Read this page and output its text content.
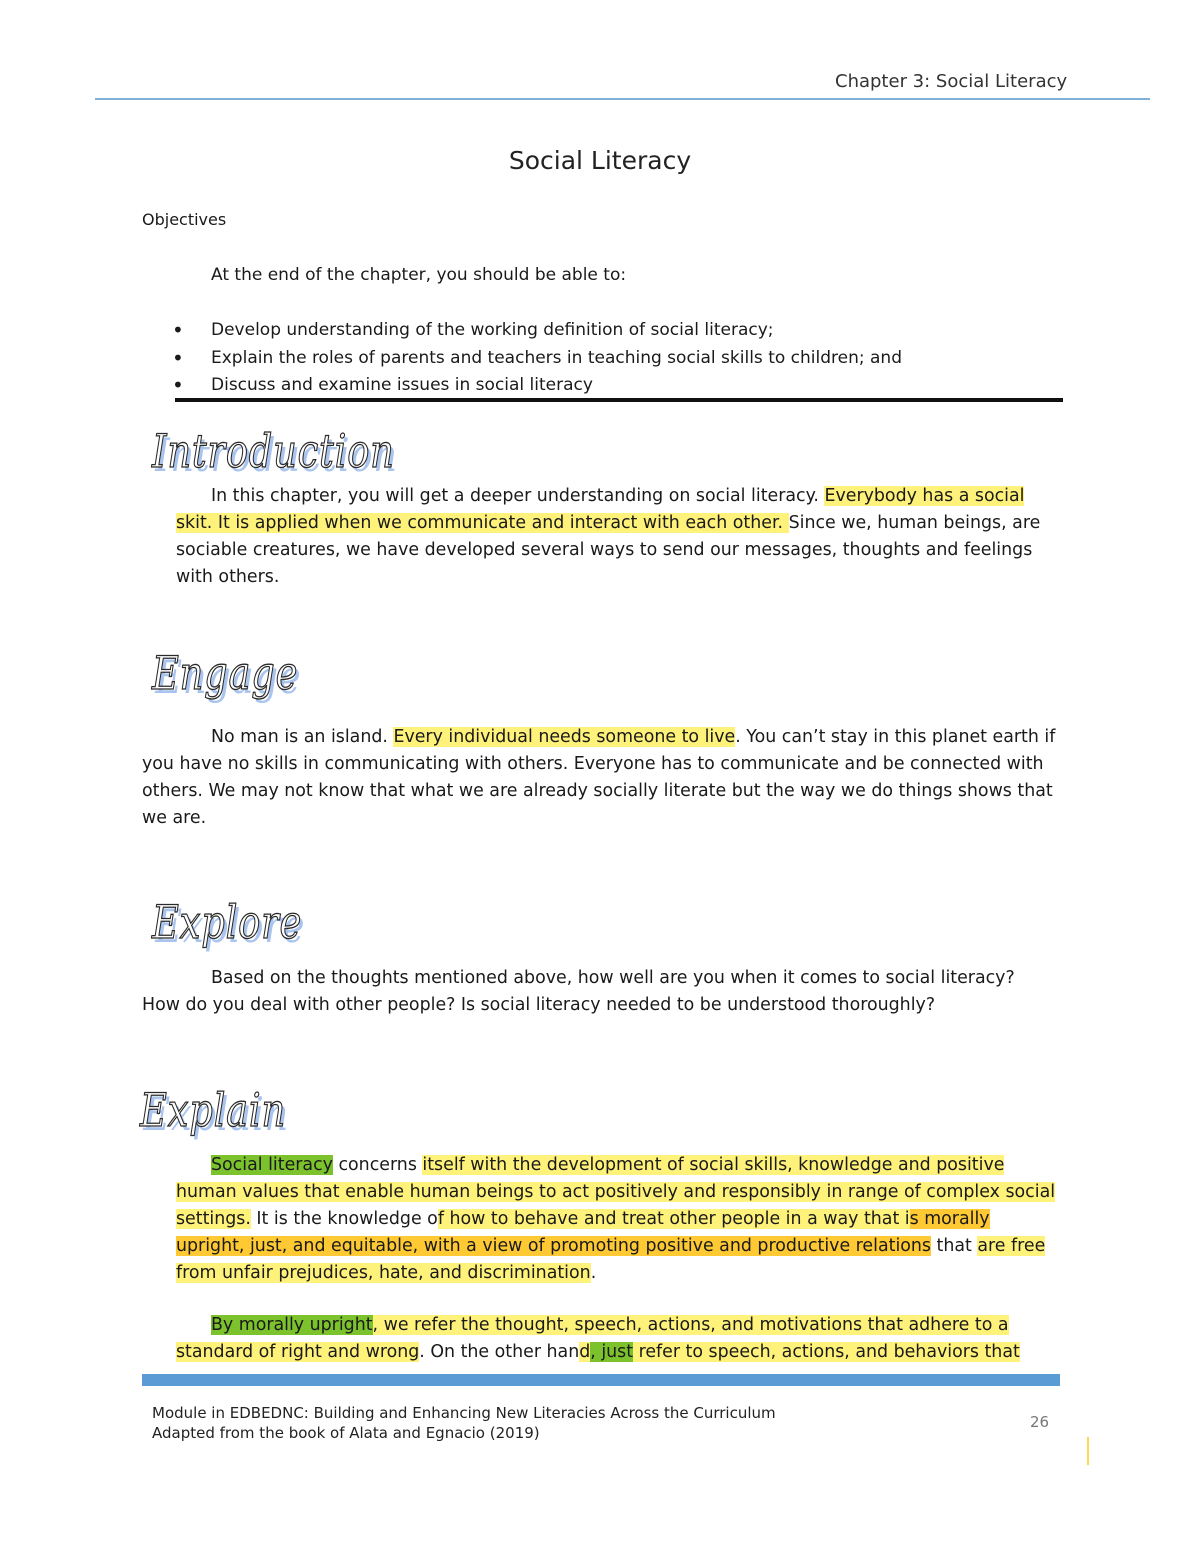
Chapter 3: Social Literacy
Social Literacy
Objectives
At the end of the chapter, you should be able to:
• Develop understanding of the working definition of social literacy;
• Explain the roles of parents and teachers in teaching social skills to children; and
• Discuss and examine issues in social literacy
Introduction

In this chapter, you will get a deeper understanding on social literacy. Everybody has a social skit. It is applied when we communicate and interact with each other. Since we, human beings, are sociable creatures, we have developed several ways to send our messages, thoughts and feelings with others.

Engage

No man is an island. Every individual needs someone to live. You can’t stay in this planet earth if you have no skills in communicating with others. Everyone has to communicate and be connected with others. We may not know that what we are already socially literate but the way we do things shows that we are.

Explore

Based on the thoughts mentioned above, how well are you when it comes to social literacy? How do you deal with other people? Is social literacy needed to be understood thoroughly?

Explain

Social literacy concerns itself with the development of social skills, knowledge and positive human values that enable human beings to act positively and responsibly in range of complex social settings. It is the knowledge of how to behave and treat other people in a way that is morally upright, just, and equitable, with a view of promoting positive and productive relations that are free from unfair prejudices, hate, and discrimination.

By morally upright, we refer the thought, speech, actions, and motivations that adhere to a standard of right and wrong. On the other hand, just refer to speech, actions, and behaviors that

Module in EDBEDNC: Building and Enhancing New Literacies Across the Curriculum
Adapted from the book of Alata and Egnacio (2019)
26
